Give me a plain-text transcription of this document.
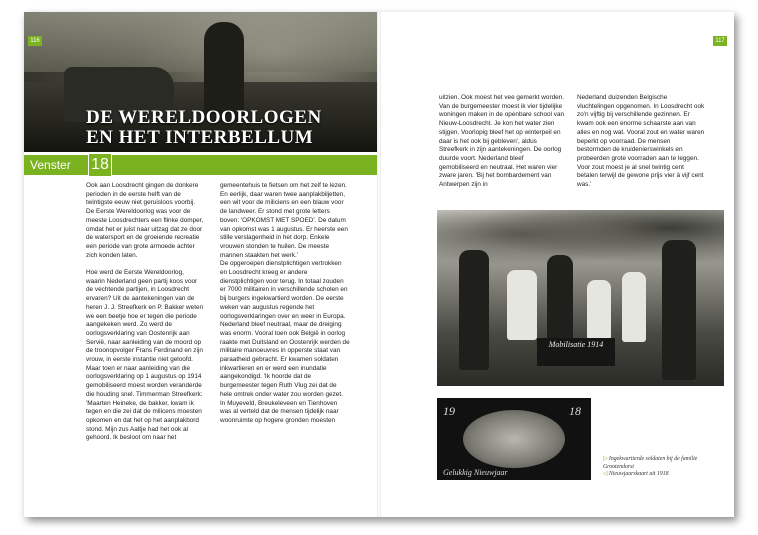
116
DE WERELDOORLOGEN
EN HET INTERBELLUM
Venster 18

Ook aan Loosdrecht gingen de donkere perioden in de eerste helft van de twintigste eeuw niet geruisloos voorbij. De Eerste Wereldoorlog was voor de meeste Loosdrechters een flinke domper, omdat het er juist naar uitzag dat ze door de watersport en de groeiende recreatie een periode van grote armoede achter zich konden laten.

Hoe werd de Eerste Wereldoorlog, waarin Nederland geen partij koos voor de vechtende partijen, in Loosdrecht ervaren? Uit de aantekeningen van de heren J. J. Streefkerk en P. Bakker weten we een beetje hoe er tegen die periode aangekeken werd. Zo werd de oorlogsverklaring van Oostenrijk aan Servië, naar aanleiding van de moord op de troonopvolger Frans Ferdinand en zijn vrouw, in eerste instantie niet geloofd. Maar toen er naar aanleiding van die oorlogsverklaring op 1 augustus op 1914 gemobiliseerd moest worden veranderde die houding snel. Timmerman Streefkerk: 'Maarten Heineke, de bakker, kwam ik tegen en die zei dat de milicens moesten opkomen en dat het op het aanplakbord stond. Mijn zus Aaltje had het ook al gehoord. Ik besloot om naar het

gemeentehuis te fietsen om het zelf te lezen. En eerlijk, daar waren twee aanplakbiljetten, een wit voor de miliciens en een blauw voor de landweer. Er stond met grote letters boven: 'OPKOMST MET SPOED'. De datum van opkomst was 1 augustus. Er heerste een stille verslagenheid in het dorp. Enkele vrouwen stonden te huilen. De meeste mannen staakten het werk.'
De opgeroepen dienstplichtigen vertrokken en Loosdrecht kreeg er andere dienstplichtigen voor terug. In totaal zouden er 7000 militairen in verschillende scholen en bij burgers ingekwartierd worden. De eerste weken van augustus regende het oorlogsverklaringen over en weer in Europa. Nederland bleef neutraal, maar de dreiging was enorm. Vooral toen ook België in oorlog raakte met Duitsland en Oostenrijk werden de militaire manoeuvres in opperste staat van paraatheid gebracht. Er kwamen soldaten inkwartieren en er werd een inundatie aangekondigd. 'Ik hoorde dat de burgemeester tegen Ruth Vlug zei dat de hele omtrek onder water zou worden gezet. In Muyeveld, Breukeleveen en Tienhoven was al verteld dat de mensen tijdelijk naar woonruimte op hogere gronden moesten

117

uitzien. Ook moest het vee gemerkt worden. Van de burgemeester moest ik vier tijdelijke woningen maken in de openbare school van Nieuw-Loosdrecht. Je kon het water zien stijgen. Voorlopig bleef het op winterpeil en daar is het ook bij gebleven', aldus Streefkerk in zijn aantekeningen. De oorlog duurde voort. Nederland bleef gemobiliseerd en neutraal. Het waren vier zware jaren. 'Bij het bombardement van Antwerpen zijn in

Nederland duizenden Belgische vluchtelingen opgenomen. In Loosdrecht ook zo'n vijftig bij verschillende gezinnen. Er kwam ook een enorme schaarste aan van alles en nog wat. Vooral zout en water waren beperkt op voorraad. De mensen bestormden de kruidenierswinkels en probeerden grote voorraden aan te leggen. Voor zout moest je al snel twintig cent betalen terwijl de gewone prijs vier à vijf cent was.'

Mobilisatie 1914
19	18
Gelukkig Nieuwjaar
▷ Ingekwartierde soldaten bij de familie Grootendorst
◁ Nieuwjaarskaart uit 1918
